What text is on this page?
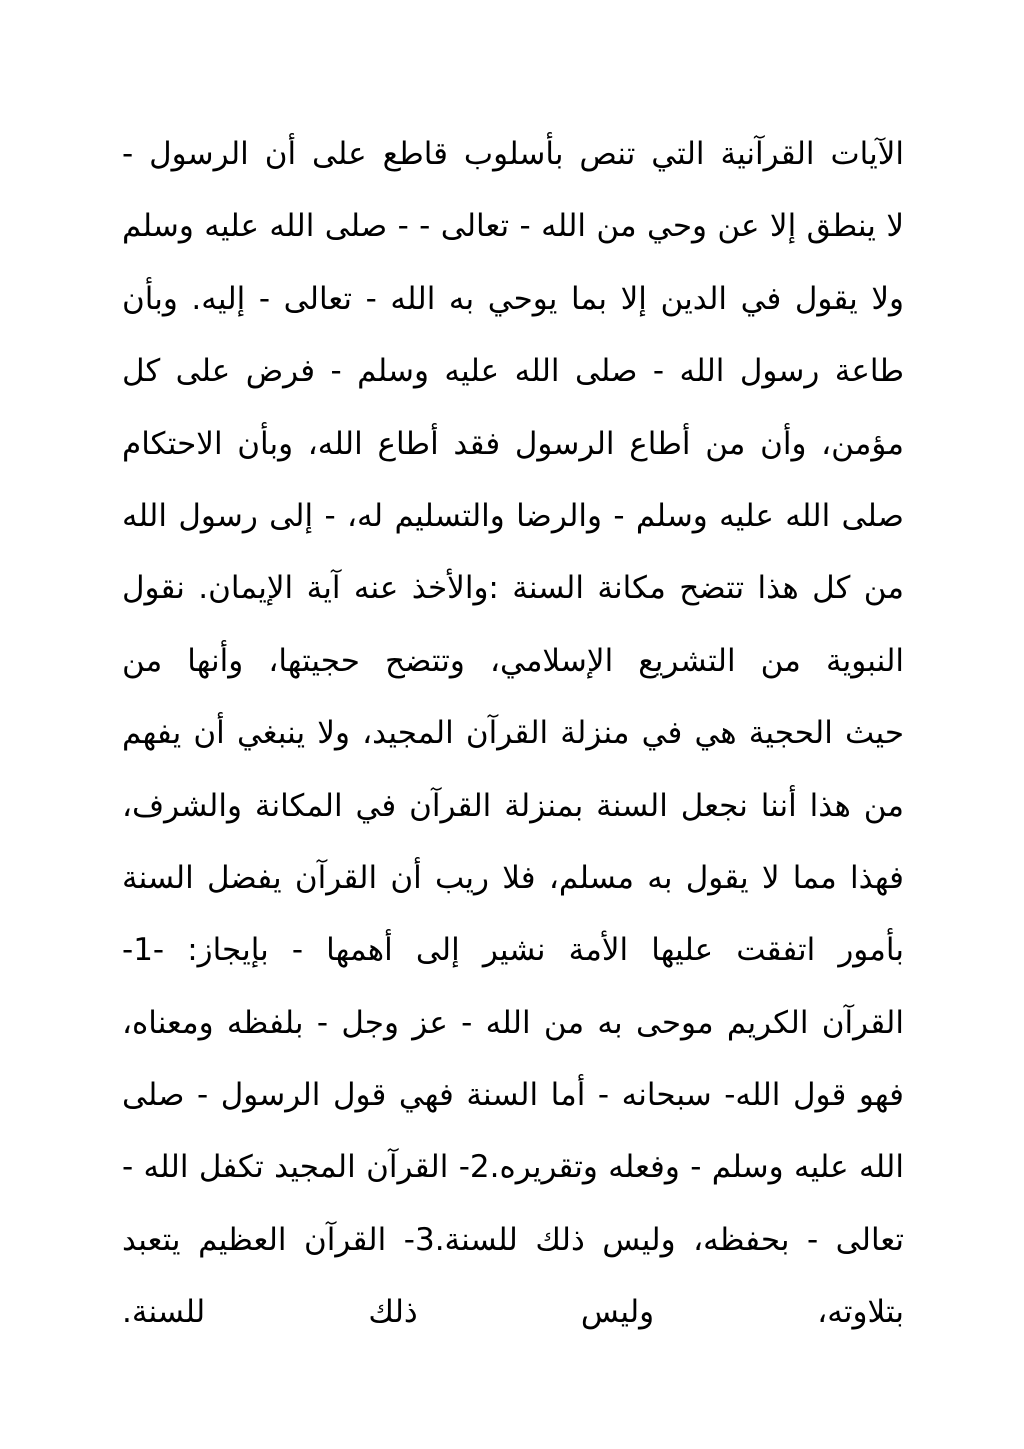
الآيات القرآنية التي تنص بأسلوب قاطع على أن الرسول -
لا ينطق إلا عن وحي من الله - تعالى - - صلى الله عليه وسلم
ولا يقول في الدين إلا بما يوحي به الله - تعالى - إليه. وبأن
طاعة رسول الله - صلى الله عليه وسلم - فرض على كل
مؤمن، وأن من أطاع الرسول فقد أطاع الله، وبأن الاحتكام
صلى الله عليه وسلم - والرضا والتسليم له، - إلى رسول الله
من كل هذا تتضح مكانة السنة :والأخذ عنه آية الإيمان. نقول
النبوية من التشريع الإسلامي، وتتضح حجيتها، وأنها من
حيث الحجية هي في منزلة القرآن المجيد، ولا ينبغي أن يفهم
من هذا أننا نجعل السنة بمنزلة القرآن في المكانة والشرف،
فهذا مما لا يقول به مسلم، فلا ريب أن القرآن يفضل السنة
بأمور اتفقت عليها الأمة نشير إلى أهمها - بإيجاز: -1-
القرآن الكريم موحى به من الله - عز وجل - بلفظه ومعناه،
فهو قول الله- سبحانه - أما السنة فهي قول الرسول - صلى
الله عليه وسلم - وفعله وتقريره.2- القرآن المجيد تكفل الله -
تعالى - بحفظه، وليس ذلك للسنة.3- القرآن العظيم يتعبد
بتلاوته، وليس ذلك للسنة.
